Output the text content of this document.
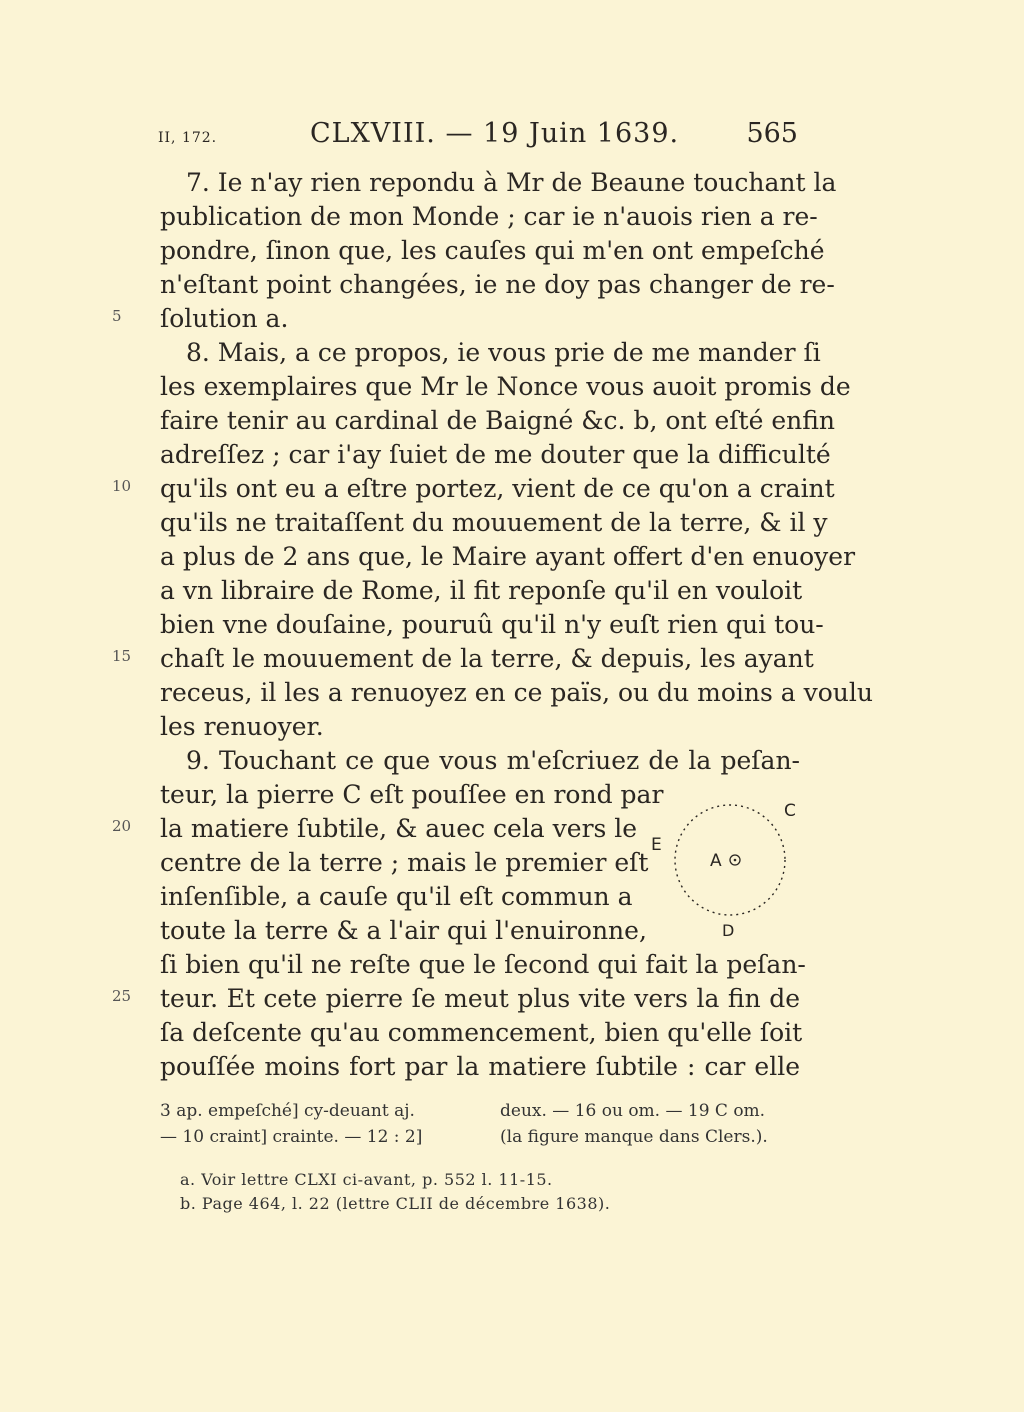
II, 172.	CLXVIII. — 19 Juin 1639. 565
7. Ie n'ay rien repondu à Mr de Beaune touchant la
publication de mon Monde ; car ie n'auois rien a re-
pondre, ſinon que, les cauſes qui m'en ont empeſché
n'eſtant point changées, ie ne doy pas changer de re-
ſolution a.
8. Mais, a ce propos, ie vous prie de me mander ſi
les exemplaires que Mr le Nonce vous auoit promis de
faire tenir au cardinal de Baigné &c. b, ont eſté enfin
adreſſez ; car i'ay ſuiet de me douter que la difficulté
qu'ils ont eu a eſtre portez, vient de ce qu'on a craint
qu'ils ne traitaſſent du mouuement de la terre, & il y
a plus de 2 ans que, le Maire ayant offert d'en enuoyer
a vn libraire de Rome, il fit reponſe qu'il en vouloit
bien vne douſaine, pouruû qu'il n'y euſt rien qui tou-
chaſt le mouuement de la terre, & depuis, les ayant
receus, il les a renuoyez en ce païs, ou du moins a voulu
les renuoyer.
9. Touchant ce que vous m'eſcriuez de la peſan-
teur, la pierre C eſt pouſſee en rond par
la matiere ſubtile, & auec cela vers le
centre de la terre ; mais le premier eſt
inſenſible, a cauſe qu'il eſt commun a
toute la terre & a l'air qui l'enuironne,
ſi bien qu'il ne reſte que le ſecond qui fait la peſan-
teur. Et cete pierre ſe meut plus vite vers la fin de
ſa deſcente qu'au commencement, bien qu'elle ſoit
pouſſée moins fort par la matiere ſubtile : car elle
5
10
15
20
25
C
E
A
D
3 ap. empeſché] cy-deuant aj.	deux. — 16 ou om. — 19 C om.
— 10 craint] crainte. — 12 : 2]	(la figure manque dans Clers.).
a. Voir lettre CLXI ci-avant, p. 552 l. 11-15.
b. Page 464, l. 22 (lettre CLII de décembre 1638).
